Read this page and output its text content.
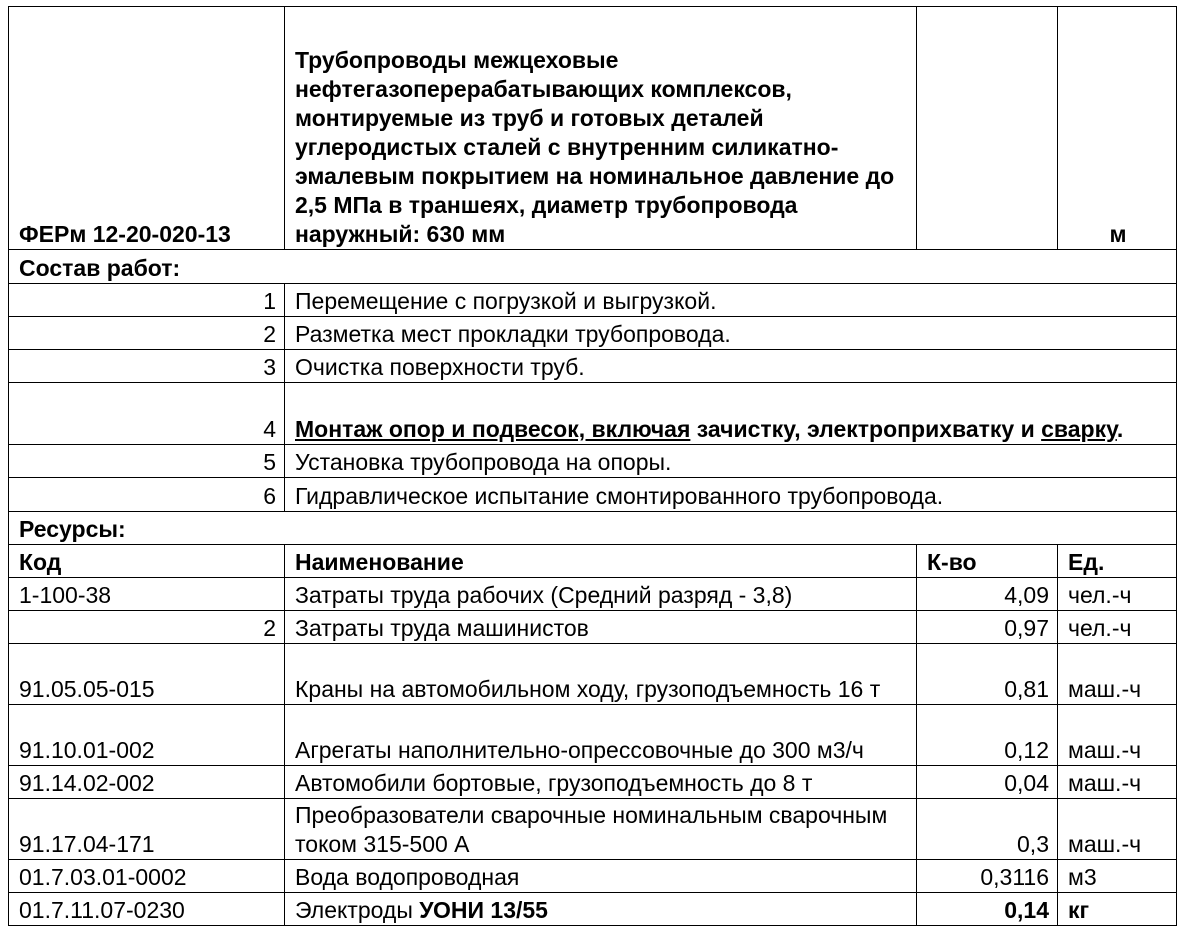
ФЕРм 12-20-020-13	Трубопроводы межцеховые нефтегазоперерабатывающих комплексов, монтируемые из труб и готовых деталей углеродистых сталей с внутренним силикатно-эмалевым покрытием на номинальное давление до 2,5 МПа в траншеях, диаметр трубопровода наружный: 630 мм		м
Состав работ:			
1	Перемещение с погрузкой и выгрузкой.		
2	Разметка мест прокладки трубопровода.		
3	Очистка поверхности труб.		
4	Монтаж опор и подвесок, включая зачистку, электроприхватку и сварку.		
5	Установка трубопровода на опоры.		
6	Гидравлическое испытание смонтированного трубопровода.		
Ресурсы:			
Код	Наименование	К-во	Ед.
1-100-38	Затраты труда рабочих (Средний разряд - 3,8)	4,09	чел.-ч
2	Затраты труда машинистов	0,97	чел.-ч
91.05.05-015	Краны на автомобильном ходу, грузоподъемность 16 т	0,81	маш.-ч
91.10.01-002	Агрегаты наполнительно-опрессовочные до 300 м3/ч	0,12	маш.-ч
91.14.02-002	Автомобили бортовые, грузоподъемность до 8 т	0,04	маш.-ч
91.17.04-171	Преобразователи сварочные номинальным сварочным током 315-500 А	0,3	маш.-ч
01.7.03.01-0002	Вода водопроводная	0,3116	м3
01.7.11.07-0230	Электроды УОНИ 13/55	0,14	кг
